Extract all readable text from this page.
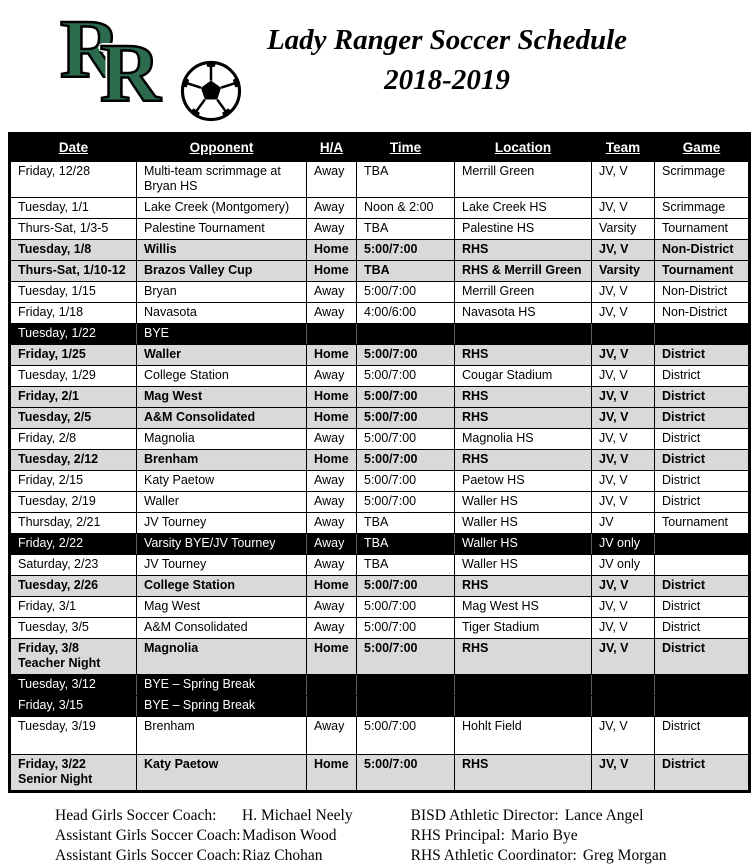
R
R	Lady Ranger Soccer Schedule
2018-2019
Date	Opponent	H/A	Time	Location	Team	Game
Friday, 12/28	Multi-team scrimmage at Bryan HS	Away	TBA	Merrill Green	JV, V	Scrimmage
Tuesday, 1/1	Lake Creek (Montgomery)	Away	Noon & 2:00	Lake Creek HS	JV, V	Scrimmage
Thurs-Sat, 1/3-5	Palestine Tournament	Away	TBA	Palestine HS	Varsity	Tournament
Tuesday, 1/8	Willis	Home	5:00/7:00	RHS	JV, V	Non-District
Thurs-Sat, 1/10-12	Brazos Valley Cup	Home	TBA	RHS & Merrill Green	Varsity	Tournament
Tuesday, 1/15	Bryan	Away	5:00/7:00	Merrill Green	JV, V	Non-District
Friday, 1/18	Navasota	Away	4:00/6:00	Navasota HS	JV, V	Non-District
Tuesday, 1/22	BYE					
Friday, 1/25	Waller	Home	5:00/7:00	RHS	JV, V	District
Tuesday, 1/29	College Station	Away	5:00/7:00	Cougar Stadium	JV, V	District
Friday, 2/1	Mag West	Home	5:00/7:00	RHS	JV, V	District
Tuesday, 2/5	A&M Consolidated	Home	5:00/7:00	RHS	JV, V	District
Friday, 2/8	Magnolia	Away	5:00/7:00	Magnolia HS	JV, V	District
Tuesday, 2/12	Brenham	Home	5:00/7:00	RHS	JV, V	District
Friday, 2/15	Katy Paetow	Away	5:00/7:00	Paetow HS	JV, V	District
Tuesday, 2/19	Waller	Away	5:00/7:00	Waller HS	JV, V	District
Thursday, 2/21	JV Tourney	Away	TBA	Waller HS	JV	Tournament
Friday, 2/22	Varsity BYE/JV Tourney	Away	TBA	Waller HS	JV only	
Saturday, 2/23	JV Tourney	Away	TBA	Waller HS	JV only	
Tuesday, 2/26	College Station	Home	5:00/7:00	RHS	JV, V	District
Friday, 3/1	Mag West	Away	5:00/7:00	Mag West HS	JV, V	District
Tuesday, 3/5	A&M Consolidated	Away	5:00/7:00	Tiger Stadium	JV, V	District
Friday, 3/8
Teacher Night	Magnolia	Home	5:00/7:00	RHS	JV, V	District
Tuesday, 3/12	BYE – Spring Break					
Friday, 3/15	BYE – Spring Break					
Tuesday, 3/19	Brenham	Away	5:00/7:00	Hohlt Field	JV, V	District
Friday, 3/22
Senior Night	Katy Paetow	Home	5:00/7:00	RHS	JV, V	District
Head Girls Soccer Coach:	H. Michael Neely
Assistant Girls Soccer Coach: Madison Wood
Assistant Girls Soccer Coach: Riaz Chohan
BISD Athletic Director: Lance Angel
RHS Principal: Mario Bye
RHS Athletic Coordinator: Greg Morgan
